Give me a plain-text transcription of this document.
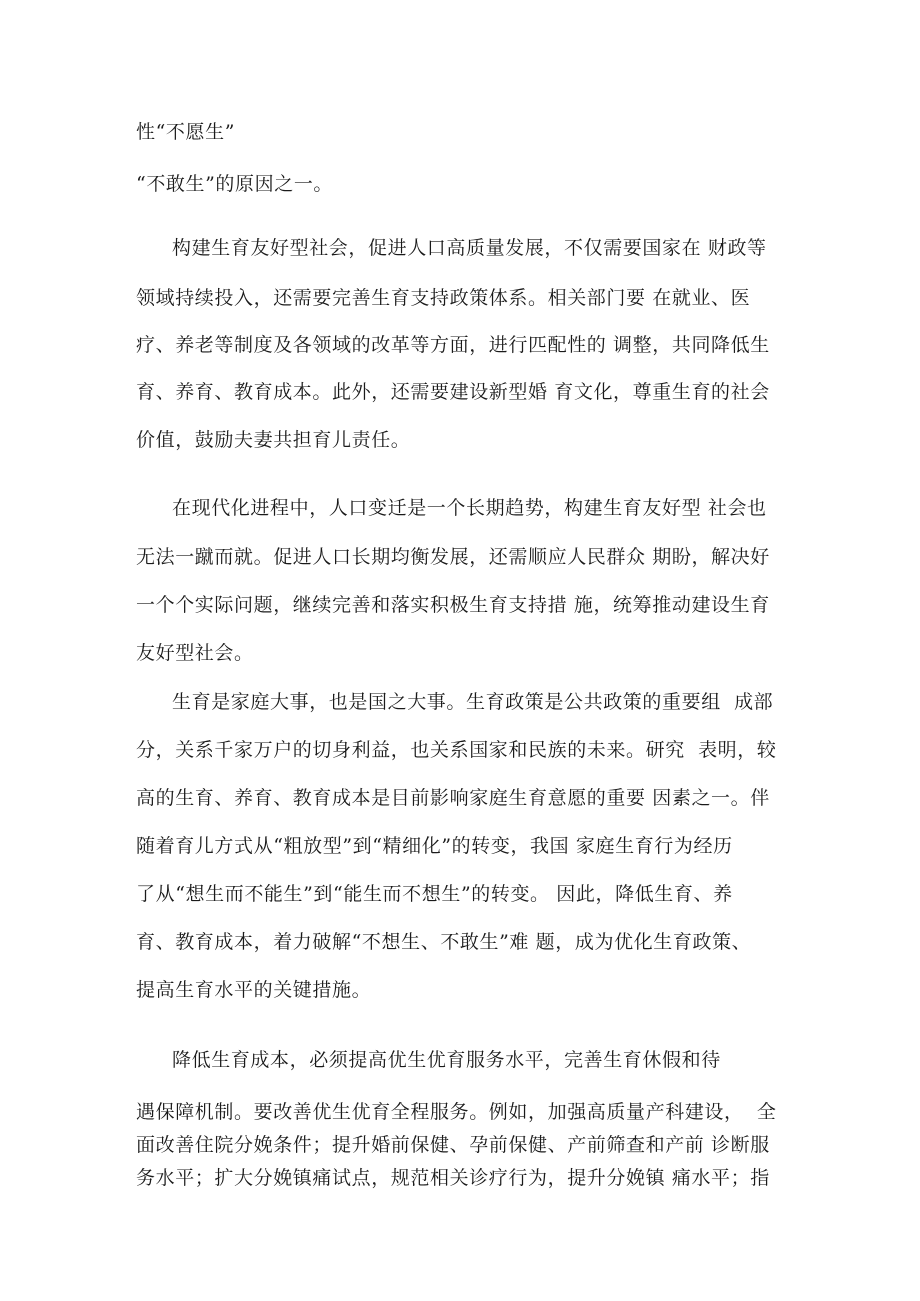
性“不愿生”
“不敢生”的原因之一。
构建生育友好型社会，促进人口高质量发展，不仅需要国家在 财政等
领域持续投入，还需要完善生育支持政策体系。相关部门要 在就业、医
疗、养老等制度及各领域的改革等方面，进行匹配性的 调整，共同降低生
育、养育、教育成本。此外，还需要建设新型婚 育文化，尊重生育的社会
价值，鼓励夫妻共担育儿责任。
在现代化进程中，人口变迁是一个长期趋势，构建生育友好型 社会也
无法一蹴而就。促进人口长期均衡发展，还需顺应人民群众 期盼，解决好
一个个实际问题，继续完善和落实积极生育支持措 施，统筹推动建设生育
友好型社会。
生育是家庭大事，也是国之大事。生育政策是公共政策的重要组  成部
分，关系千家万户的切身利益，也关系国家和民族的未来。研究  表明，较
高的生育、养育、教育成本是目前影响家庭生育意愿的重要 因素之一。伴
随着育儿方式从“粗放型”到“精细化”的转变，我国 家庭生育行为经历
了从“想生而不能生”到“能生而不想生”的转变。 因此，降低生育、养
育、教育成本，着力破解“不想生、不敢生”难 题，成为优化生育政策、
提高生育水平的关键措施。
降低生育成本，必须提高优生优育服务水平，完善生育休假和待
遇保障机制。要改善优生优育全程服务。例如，加强高质量产科建设，  全
面改善住院分娩条件；提升婚前保健、孕前保健、产前筛查和产前 诊断服
务水平；扩大分娩镇痛试点，规范相关诊疗行为，提升分娩镇 痛水平；指
